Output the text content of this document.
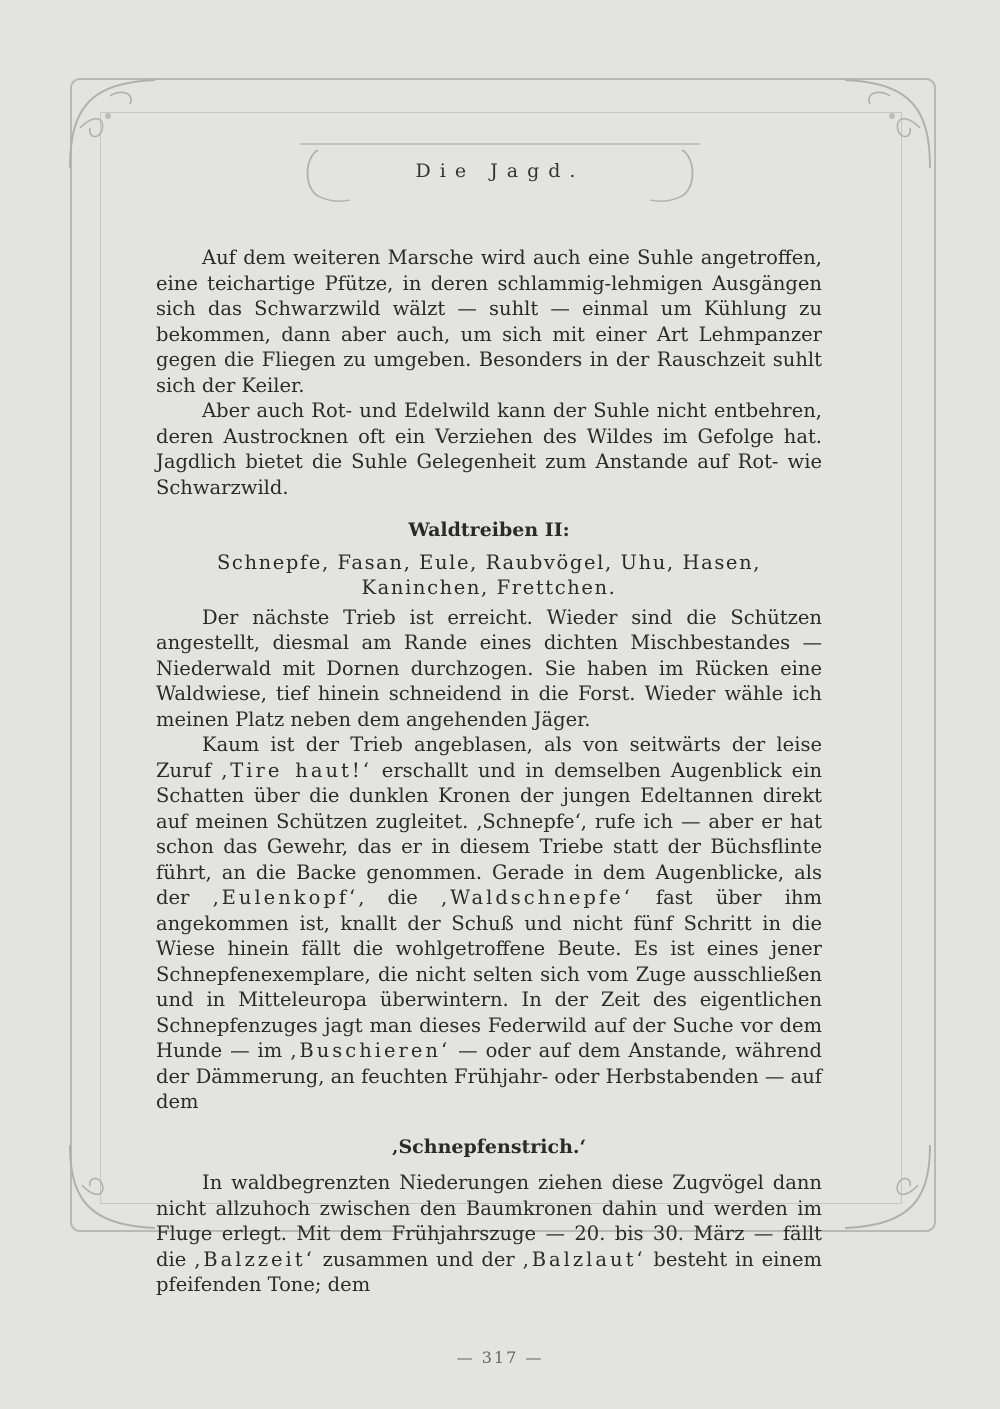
Die Jagd.

Auf dem weiteren Marsche wird auch eine Suhle angetroffen, eine teichartige Pfütze, in deren schlammig-lehmigen Ausgängen sich das Schwarzwild wälzt — suhlt — einmal um Kühlung zu bekommen, dann aber auch, um sich mit einer Art Lehmpanzer gegen die Fliegen zu umgeben. Besonders in der Rauschzeit suhlt sich der Keiler.

Aber auch Rot- und Edelwild kann der Suhle nicht entbehren, deren Austrocknen oft ein Verziehen des Wildes im Gefolge hat. Jagdlich bietet die Suhle Gelegenheit zum Anstande auf Rot- wie Schwarzwild.

Waldtreiben II:

Schnepfe, Fasan, Eule, Raubvögel, Uhu, Hasen, Kaninchen, Frettchen.

Der nächste Trieb ist erreicht. Wieder sind die Schützen angestellt, diesmal am Rande eines dichten Mischbestandes — Niederwald mit Dornen durchzogen. Sie haben im Rücken eine Waldwiese, tief hinein schneidend in die Forst. Wieder wähle ich meinen Platz neben dem angehenden Jäger.

Kaum ist der Trieb angeblasen, als von seitwärts der leise Zuruf ‚Tire haut!‘ erschallt und in demselben Augenblick ein Schatten über die dunklen Kronen der jungen Edeltannen direkt auf meinen Schützen zugleitet. ‚Schnepfe‘, rufe ich — aber er hat schon das Gewehr, das er in diesem Triebe statt der Büchsflinte führt, an die Backe genommen. Gerade in dem Augenblicke, als der ‚Eulenkopf‘, die ‚Waldschnepfe‘ fast über ihm angekommen ist, knallt der Schuß und nicht fünf Schritt in die Wiese hinein fällt die wohlgetroffene Beute. Es ist eines jener Schnepfenexemplare, die nicht selten sich vom Zuge ausschließen und in Mitteleuropa überwintern. In der Zeit des eigentlichen Schnepfenzuges jagt man dieses Federwild auf der Suche vor dem Hunde — im ‚Buschieren‘ — oder auf dem Anstande, während der Dämmerung, an feuchten Frühjahr- oder Herbstabenden — auf dem

‚Schnepfenstrich.‘

In waldbegrenzten Niederungen ziehen diese Zugvögel dann nicht allzuhoch zwischen den Baumkronen dahin und werden im Fluge erlegt. Mit dem Frühjahrszuge — 20. bis 30. März — fällt die ‚Balzzeit‘ zusammen und der ‚Balzlaut‘ besteht in einem pfeifenden Tone; dem

— 317 —
